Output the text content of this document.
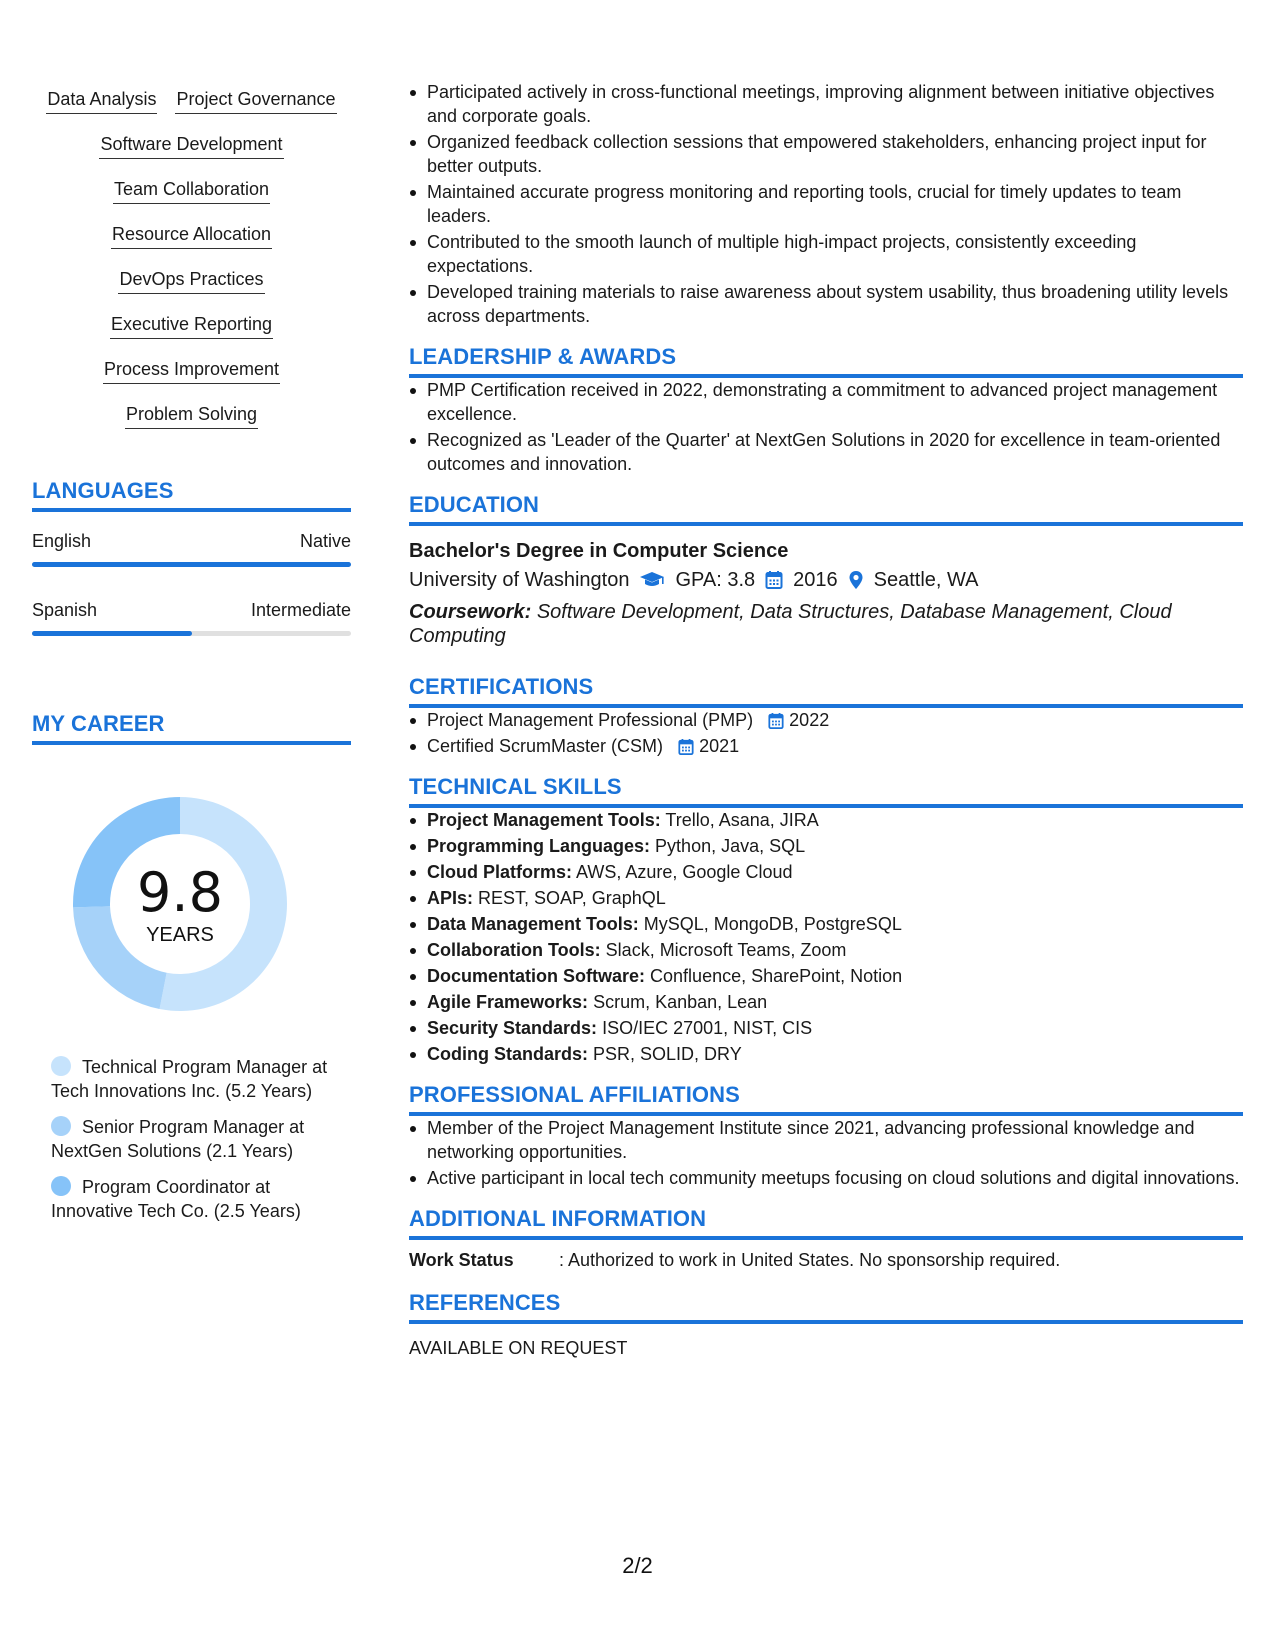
Data Analysis Project Governance
Software Development
Team Collaboration
Resource Allocation
DevOps Practices
Executive Reporting
Process Improvement
Problem Solving
LANGUAGES
English	Native
Spanish	Intermediate
MY CAREER
9.8
YEARS
Technical Program Manager at Tech Innovations Inc. (5.2 Years)
Senior Program Manager at NextGen Solutions (2.1 Years)
Program Coordinator at Innovative Tech Co. (2.5 Years)
Participated actively in cross-functional meetings, improving alignment between initiative objectives and corporate goals.
Organized feedback collection sessions that empowered stakeholders, enhancing project input for better outputs.
Maintained accurate progress monitoring and reporting tools, crucial for timely updates to team leaders.
Contributed to the smooth launch of multiple high-impact projects, consistently exceeding expectations.
Developed training materials to raise awareness about system usability, thus broadening utility levels across departments.
LEADERSHIP & AWARDS
PMP Certification received in 2022, demonstrating a commitment to advanced project management excellence.
Recognized as 'Leader of the Quarter' at NextGen Solutions in 2020 for excellence in team-oriented outcomes and innovation.
EDUCATION
Bachelor's Degree in Computer Science
University of Washington GPA: 3.8 2016 Seattle, WA
Coursework: Software Development, Data Structures, Database Management, Cloud Computing
CERTIFICATIONS
Project Management Professional (PMP) 2022
Certified ScrumMaster (CSM) 2021
TECHNICAL SKILLS
Project Management Tools: Trello, Asana, JIRA
Programming Languages: Python, Java, SQL
Cloud Platforms: AWS, Azure, Google Cloud
APIs: REST, SOAP, GraphQL
Data Management Tools: MySQL, MongoDB, PostgreSQL
Collaboration Tools: Slack, Microsoft Teams, Zoom
Documentation Software: Confluence, SharePoint, Notion
Agile Frameworks: Scrum, Kanban, Lean
Security Standards: ISO/IEC 27001, NIST, CIS
Coding Standards: PSR, SOLID, DRY
PROFESSIONAL AFFILIATIONS
Member of the Project Management Institute since 2021, advancing professional knowledge and networking opportunities.
Active participant in local tech community meetups focusing on cloud solutions and digital innovations.
ADDITIONAL INFORMATION
Work Status	: Authorized to work in United States. No sponsorship required.
REFERENCES
AVAILABLE ON REQUEST
2/2
